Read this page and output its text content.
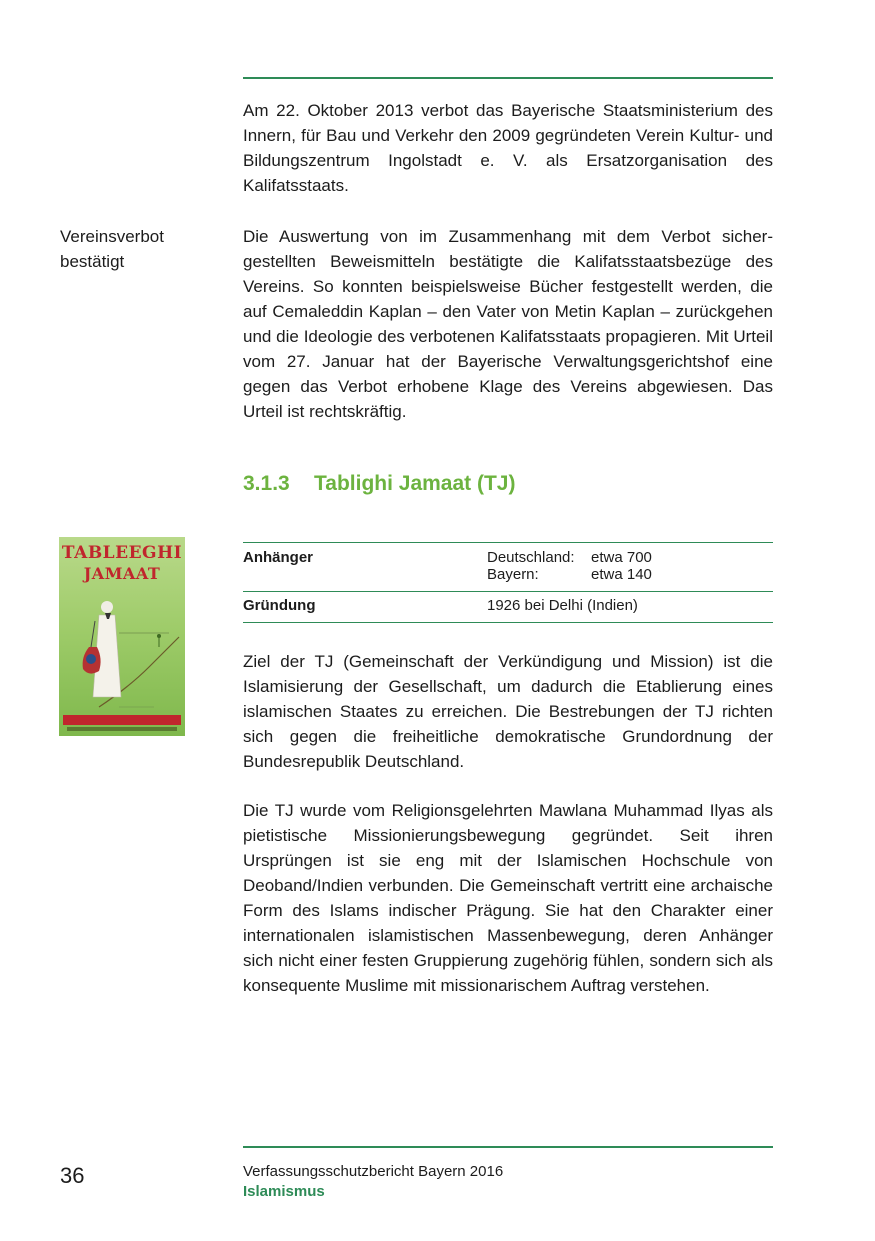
Am 22. Oktober 2013 verbot das Bayerische Staatsministerium des Innern, für Bau und Verkehr den 2009 gegründeten Verein Kultur- und Bildungszentrum Ingolstadt e. V. als Ersatzorganisation des Kalifatsstaats.

Vereinsverbot
bestätigt

Die Auswertung von im Zusammenhang mit dem Verbot sichergestellten Beweismitteln bestätigte die Kalifatsstaatsbezüge des Vereins. So konnten beispielsweise Bücher festgestellt werden, die auf Cemaleddin Kaplan – den Vater von Metin Kaplan – zurückgehen und die Ideologie des verbotenen Kalifatsstaats propagieren. Mit Urteil vom 27. Januar hat der Bayerische Verwaltungsgerichtshof eine gegen das Verbot erhobene Klage des Vereins abgewiesen. Das Urteil ist rechtskräftig.

3.1.3 Tablighi Jamaat (TJ)
TABLEEGHI
JAMAAT
Anhänger	Deutschland: etwa 700
Bayern:	etwa 140
Gründung	1926 bei Delhi (Indien)

Ziel der TJ (Gemeinschaft der Verkündigung und Mission) ist die Islamisierung der Gesellschaft, um dadurch die Etablierung eines islamischen Staates zu erreichen. Die Bestrebungen der TJ richten sich gegen die freiheitliche demokratische Grundordnung der Bundesrepublik Deutschland.

Die TJ wurde vom Religionsgelehrten Mawlana Muhammad Ilyas als pietistische Missionierungsbewegung gegründet. Seit ihren Ursprüngen ist sie eng mit der Islamischen Hochschule von Deoband/Indien verbunden. Die Gemeinschaft vertritt eine archaische Form des Islams indischer Prägung. Sie hat den Charakter einer internationalen islamistischen Massenbewegung, deren Anhänger sich nicht einer festen Gruppierung zugehörig fühlen, sondern sich als konsequente Muslime mit missionarischem Auftrag verstehen.

36	Verfassungsschutzbericht Bayern 2016
Islamismus
